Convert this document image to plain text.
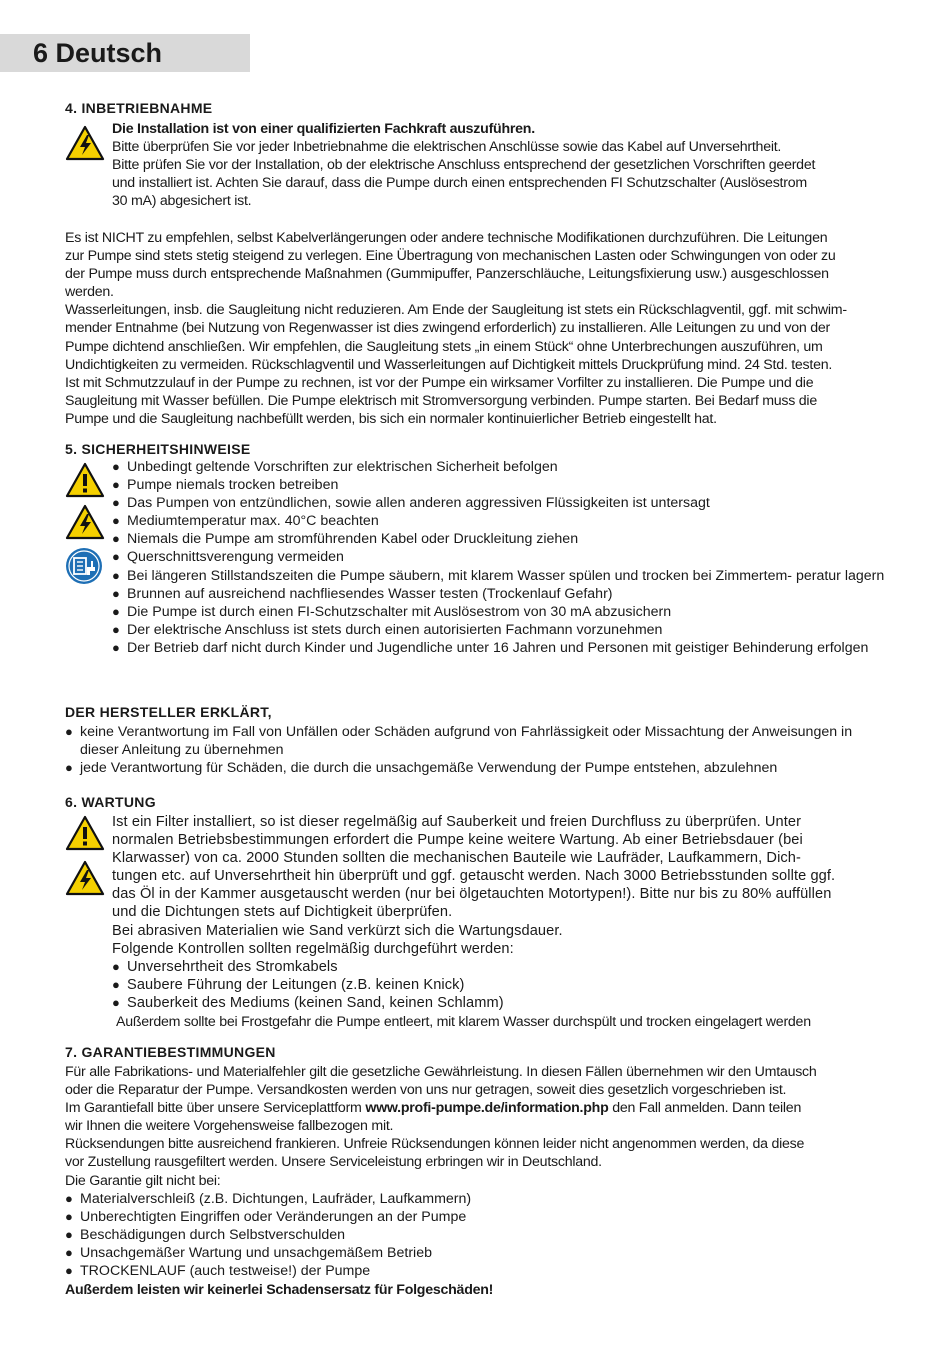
6 Deutsch
4. INBETRIEBNAHME

Die Installation ist von einer qualifizierten Fachkraft auszuführen.

Bitte überprüfen Sie vor jeder Inbetriebnahme die elektrischen Anschlüsse sowie das Kabel auf Unversehrtheit.

Bitte prüfen Sie vor der Installation, ob der elektrische Anschluss entsprechend der gesetzlichen Vorschriften geerdet

und installiert ist. Achten Sie darauf, dass die Pumpe durch einen entsprechenden FI Schutzschalter (Auslösestrom

30 mA) abgesichert ist.

Es ist NICHT zu empfehlen, selbst Kabelverlängerungen oder andere technische Modifikationen durchzuführen. Die Leitungen

zur Pumpe sind stets stetig steigend zu verlegen. Eine Übertragung von mechanischen Lasten oder Schwingungen von oder zu

der Pumpe muss durch entsprechende Maßnahmen (Gummipuffer, Panzerschläuche, Leitungsfixierung usw.) ausgeschlossen

werden.

Wasserleitungen, insb. die Saugleitung nicht reduzieren. Am Ende der Saugleitung ist stets ein Rückschlagventil, ggf. mit schwim-

mender Entnahme (bei Nutzung von Regenwasser ist dies zwingend erforderlich) zu installieren. Alle Leitungen zu und von der

Pumpe dichtend anschließen. Wir empfehlen, die Saugleitung stets „in einem Stück“ ohne Unterbrechungen auszuführen, um

Undichtigkeiten zu vermeiden. Rückschlagventil und Wasserleitungen auf Dichtigkeit mittels Druckprüfung mind. 24 Std. testen.

Ist mit Schmutzzulauf in der Pumpe zu rechnen, ist vor der Pumpe ein wirksamer Vorfilter zu installieren. Die Pumpe und die

Saugleitung mit Wasser befüllen. Die Pumpe elektrisch mit Stromversorgung verbinden. Pumpe starten. Bei Bedarf muss die

Pumpe und die Saugleitung nachbefüllt werden, bis sich ein normaler kontinuierlicher Betrieb eingestellt hat.

5. SICHERHEITSHINWEISE
● Unbedingt geltende Vorschriften zur elektrischen Sicherheit befolgen
● Pumpe niemals trocken betreiben
● Das Pumpen von entzündlichen, sowie allen anderen aggressiven Flüssigkeiten ist untersagt
● Mediumtemperatur max. 40°C beachten
● Niemals die Pumpe am stromführenden Kabel oder Druckleitung ziehen
● Querschnittsverengung vermeiden
● Bei längeren Stillstandszeiten die Pumpe säubern, mit klarem Wasser spülen und trocken bei Zimmertem- peratur lagern
● Brunnen auf ausreichend nachfliesendes Wasser testen (Trockenlauf Gefahr)
● Die Pumpe ist durch einen FI-Schutzschalter mit Auslösestrom von 30 mA abzusichern
● Der elektrische Anschluss ist stets durch einen autorisierten Fachmann vorzunehmen
● Der Betrieb darf nicht durch Kinder und Jugendliche unter 16 Jahren und Personen mit geistiger Behinderung erfolgen
DER HERSTELLER ERKLÄRT,
● keine Verantwortung im Fall von Unfällen oder Schäden aufgrund von Fahrlässigkeit oder Missachtung der Anweisungen in dieser Anleitung zu übernehmen
● jede Verantwortung für Schäden, die durch die unsachgemäße Verwendung der Pumpe entstehen, abzulehnen
6. WARTUNG

Ist ein Filter installiert, so ist dieser regelmäßig auf Sauberkeit und freien Durchfluss zu überprüfen. Unter

normalen Betriebsbestimmungen erfordert die Pumpe keine weitere Wartung. Ab einer Betriebsdauer (bei

Klarwasser) von ca. 2000 Stunden sollten die mechanischen Bauteile wie Laufräder, Laufkammern, Dich-

tungen etc. auf Unversehrtheit hin überprüft und ggf. getauscht werden. Nach 3000 Betriebsstunden sollte ggf.

das Öl in der Kammer ausgetauscht werden (nur bei ölgetauchten Motortypen!). Bitte nur bis zu 80% auffüllen

und die Dichtungen stets auf Dichtigkeit überprüfen.

Bei abrasiven Materialien wie Sand verkürzt sich die Wartungsdauer.

Folgende Kontrollen sollten regelmäßig durchgeführt werden:

● Unversehrtheit des Stromkabels
● Saubere Führung der Leitungen (z.B. keinen Knick)
● Sauberkeit des Mediums (keinen Sand, keinen Schlamm)

Außerdem sollte bei Frostgefahr die Pumpe entleert, mit klarem Wasser durchspült und trocken eingelagert werden

7. GARANTIEBESTIMMUNGEN

Für alle Fabrikations- und Materialfehler gilt die gesetzliche Gewährleistung. In diesen Fällen übernehmen wir den Umtausch

oder die Reparatur der Pumpe. Versandkosten werden von uns nur getragen, soweit dies gesetzlich vorgeschrieben ist.

Im Garantiefall bitte über unsere Serviceplattform www.profi-pumpe.de/information.php den Fall anmelden. Dann teilen

wir Ihnen die weitere Vorgehensweise fallbezogen mit.

Rücksendungen bitte ausreichend frankieren. Unfreie Rücksendungen können leider nicht angenommen werden, da diese

vor Zustellung rausgefiltert werden. Unsere Serviceleistung erbringen wir in Deutschland.

Die Garantie gilt nicht bei:

● Materialverschleiß (z.B. Dichtungen, Laufräder, Laufkammern)
● Unberechtigten Eingriffen oder Veränderungen an der Pumpe
● Beschädigungen durch Selbstverschulden
● Unsachgemäßer Wartung und unsachgemäßem Betrieb
● TROCKENLAUF (auch testweise!) der Pumpe
Außerdem leisten wir keinerlei Schadensersatz für Folgeschäden!
